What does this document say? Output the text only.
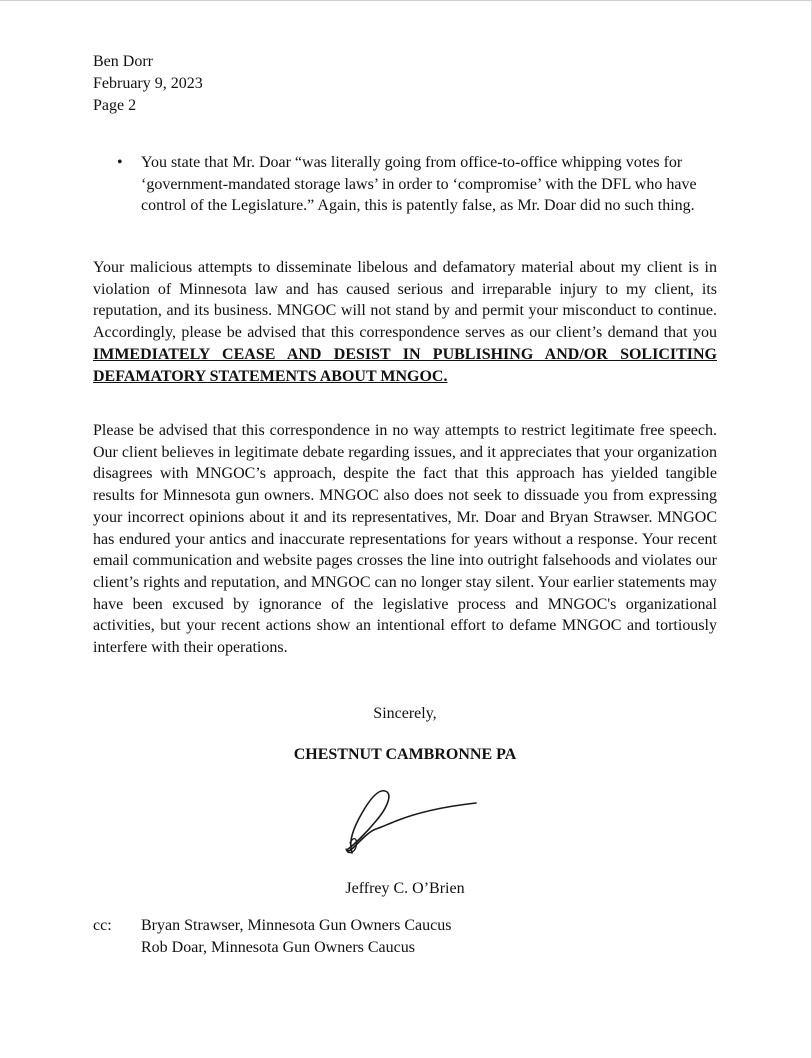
Ben Dorr
February 9, 2023
Page 2
• You state that Mr. Doar “was literally going from office-to-office whipping votes for ‘government-mandated storage laws’ in order to ‘compromise’ with the DFL who have control of the Legislature.” Again, this is patently false, as Mr. Doar did no such thing.

Your malicious attempts to disseminate libelous and defamatory material about my client is in violation of Minnesota law and has caused serious and irreparable injury to my client, its reputation, and its business. MNGOC will not stand by and permit your misconduct to continue. Accordingly, please be advised that this correspondence serves as our client’s demand that you IMMEDIATELY CEASE AND DESIST IN PUBLISHING AND/OR SOLICITING DEFAMATORY STATEMENTS ABOUT MNGOC.

Please be advised that this correspondence in no way attempts to restrict legitimate free speech. Our client believes in legitimate debate regarding issues, and it appreciates that your organization disagrees with MNGOC’s approach, despite the fact that this approach has yielded tangible results for Minnesota gun owners. MNGOC also does not seek to dissuade you from expressing your incorrect opinions about it and its representatives, Mr. Doar and Bryan Strawser. MNGOC has endured your antics and inaccurate representations for years without a response. Your recent email communication and website pages crosses the line into outright falsehoods and violates our client’s rights and reputation, and MNGOC can no longer stay silent. Your earlier statements may have been excused by ignorance of the legislative process and MNGOC's organizational activities, but your recent actions show an intentional effort to defame MNGOC and tortiously interfere with their operations.

Sincerely,
CHESTNUT CAMBRONNE PA
Jeffrey C. O’Brien
cc: Bryan Strawser, Minnesota Gun Owners Caucus
Rob Doar, Minnesota Gun Owners Caucus
